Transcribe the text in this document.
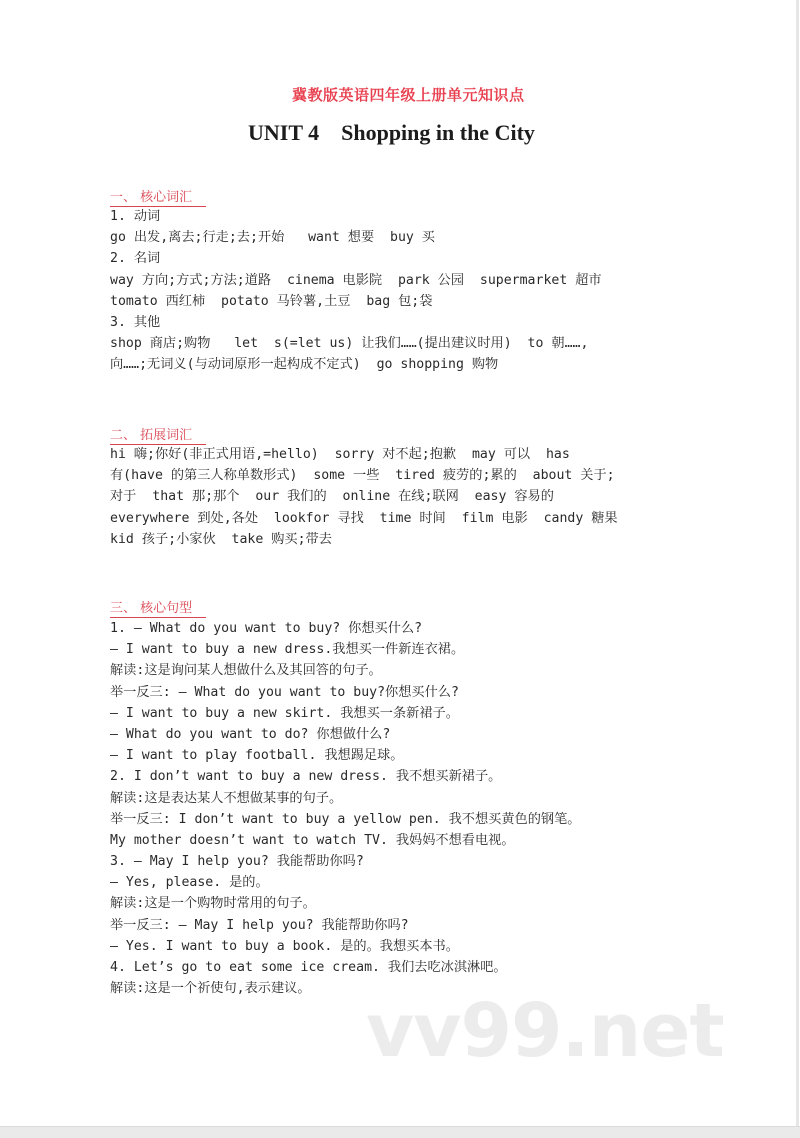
冀教版英语四年级上册单元知识点
UNIT 4    Shopping in the City
一、 核心词汇
1. 动词
go 出发,离去;行走;去;开始   want 想要  buy 买
2. 名词
way 方向;方式;方法;道路  cinema 电影院  park 公园  supermarket 超市
tomato 西红柿  potato 马铃薯,土豆  bag 包;袋
3. 其他
shop 商店;购物   let  s(=let us) 让我们……(提出建议时用)  to 朝……,
向……;无词义(与动词原形一起构成不定式)  go shopping 购物
二、 拓展词汇
hi 嗨;你好(非正式用语,=hello)  sorry 对不起;抱歉  may 可以  has
有(have 的第三人称单数形式)  some 一些  tired 疲劳的;累的  about 关于;
对于  that 那;那个  our 我们的  online 在线;联网  easy 容易的
everywhere 到处,各处  lookfor 寻找  time 时间  film 电影  candy 糖果
kid 孩子;小家伙  take 购买;带去
三、 核心句型
1. — What do you want to buy? 你想买什么?
— I want to buy a new dress.我想买一件新连衣裙。
解读:这是询问某人想做什么及其回答的句子。
举一反三: — What do you want to buy?你想买什么?
— I want to buy a new skirt. 我想买一条新裙子。
— What do you want to do? 你想做什么?
— I want to play football. 我想踢足球。
2. I don’t want to buy a new dress. 我不想买新裙子。
解读:这是表达某人不想做某事的句子。
举一反三: I don’t want to buy a yellow pen. 我不想买黄色的钢笔。
My mother doesn’t want to watch TV. 我妈妈不想看电视。
3. — May I help you? 我能帮助你吗?
— Yes, please. 是的。
解读:这是一个购物时常用的句子。
举一反三: — May I help you? 我能帮助你吗?
— Yes. I want to buy a book. 是的。我想买本书。
4. Let’s go to eat some ice cream. 我们去吃冰淇淋吧。
解读:这是一个祈使句,表示建议。 vv99.net
